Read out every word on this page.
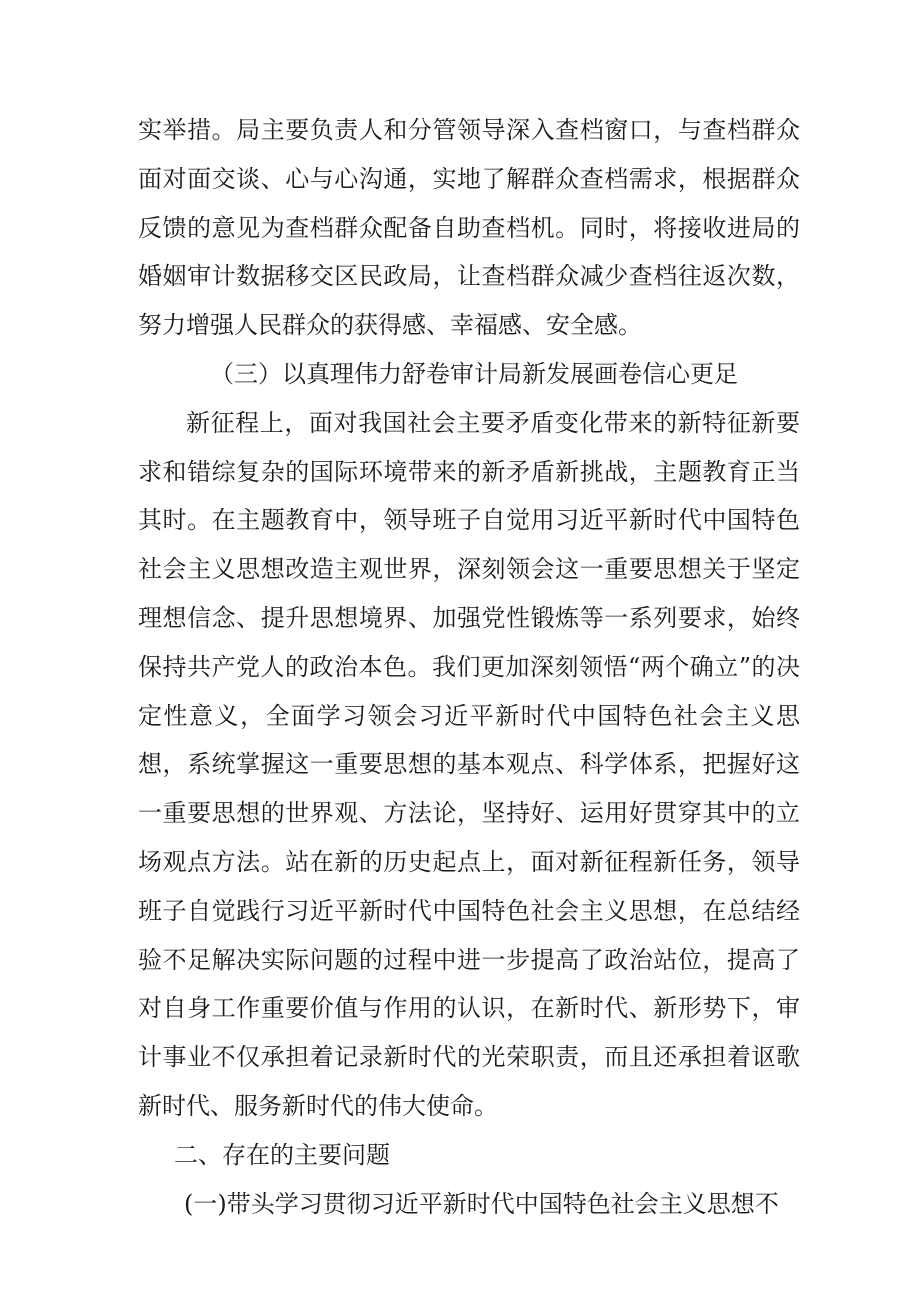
实举措。局主要负责人和分管领导深入查档窗口，与查档群众面对面交谈、心与心沟通，实地了解群众查档需求，根据群众反馈的意见为查档群众配备自助查档机。同时，将接收进局的婚姻审计数据移交区民政局，让查档群众减少查档往返次数，努力增强人民群众的获得感、幸福感、安全感。

（三）以真理伟力舒卷审计局新发展画卷信心更足

新征程上，面对我国社会主要矛盾变化带来的新特征新要求和错综复杂的国际环境带来的新矛盾新挑战，主题教育正当其时。在主题教育中，领导班子自觉用习近平新时代中国特色社会主义思想改造主观世界，深刻领会这一重要思想关于坚定理想信念、提升思想境界、加强党性锻炼等一系列要求，始终保持共产党人的政治本色。我们更加深刻领悟“两个确立”的决定性意义，全面学习领会习近平新时代中国特色社会主义思想，系统掌握这一重要思想的基本观点、科学体系，把握好这一重要思想的世界观、方法论，坚持好、运用好贯穿其中的立场观点方法。站在新的历史起点上，面对新征程新任务，领导班子自觉践行习近平新时代中国特色社会主义思想，在总结经验不足解决实际问题的过程中进一步提高了政治站位，提高了对自身工作重要价值与作用的认识，在新时代、新形势下，审计事业不仅承担着记录新时代的光荣职责，而且还承担着讴歌新时代、服务新时代的伟大使命。

二、存在的主要问题

(一)带头学习贯彻习近平新时代中国特色社会主义思想不
